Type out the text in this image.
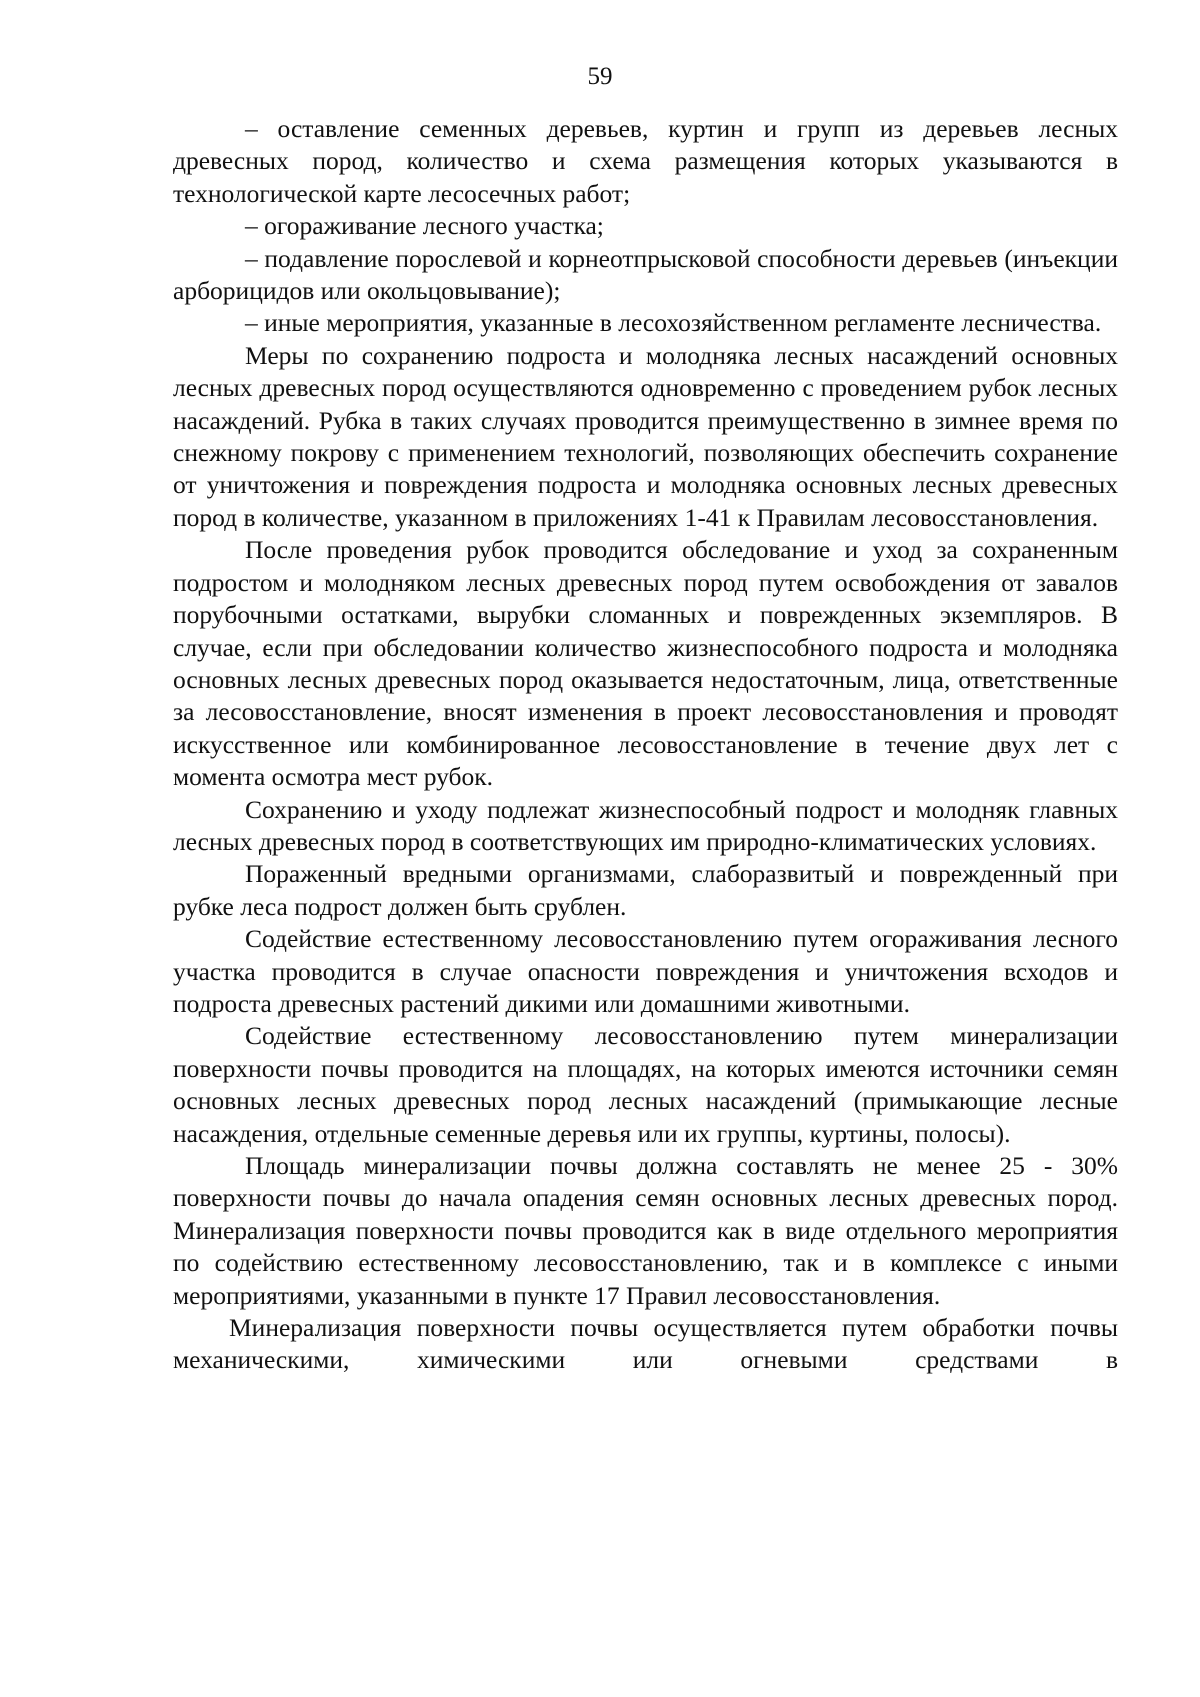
59

– оставление семенных деревьев, куртин и групп из деревьев лесных древесных пород, количество и схема размещения которых указываются в технологической карте лесосечных работ;

– огораживание лесного участка;

– подавление порослевой и корнеотпрысковой способности деревьев (инъекции арборицидов или окольцовывание);

– иные мероприятия, указанные в лесохозяйственном регламенте лесничества.

Меры по сохранению подроста и молодняка лесных насаждений основных лесных древесных пород осуществляются одновременно с проведением рубок лесных насаждений. Рубка в таких случаях проводится преимущественно в зимнее время по снежному покрову с применением технологий, позволяющих обеспечить сохранение от уничтожения и повреждения подроста и молодняка основных лесных древесных пород в количестве, указанном в приложениях 1-41 к Правилам лесовосстановления.

После проведения рубок проводится обследование и уход за сохраненным подростом и молодняком лесных древесных пород путем освобождения от завалов порубочными остатками, вырубки сломанных и поврежденных экземпляров. В случае, если при обследовании количество жизнеспособного подроста и молодняка основных лесных древесных пород оказывается недостаточным, лица, ответственные за лесовосстановление, вносят изменения в проект лесовосстановления и проводят искусственное или комбинированное лесовосстановление в течение двух лет с момента осмотра мест рубок.

Сохранению и уходу подлежат жизнеспособный подрост и молодняк главных лесных древесных пород в соответствующих им природно-климатических условиях.

Пораженный вредными организмами, слаборазвитый и поврежденный при рубке леса подрост должен быть срублен.

Содействие естественному лесовосстановлению путем огораживания лесного участка проводится в случае опасности повреждения и уничтожения всходов и подроста древесных растений дикими или домашними животными.

Содействие естественному лесовосстановлению путем минерализации поверхности почвы проводится на площадях, на которых имеются источники семян основных лесных древесных пород лесных насаждений (примыкающие лесные насаждения, отдельные семенные деревья или их группы, куртины, полосы).

Площадь минерализации почвы должна составлять не менее 25 - 30% поверхности почвы до начала опадения семян основных лесных древесных пород. Минерализация поверхности почвы проводится как в виде отдельного мероприятия по содействию естественному лесовосстановлению, так и в комплексе с иными мероприятиями, указанными в пункте 17 Правил лесовосстановления.

Минерализация поверхности почвы осуществляется путем обработки почвы механическими, химическими или огневыми средствами в
